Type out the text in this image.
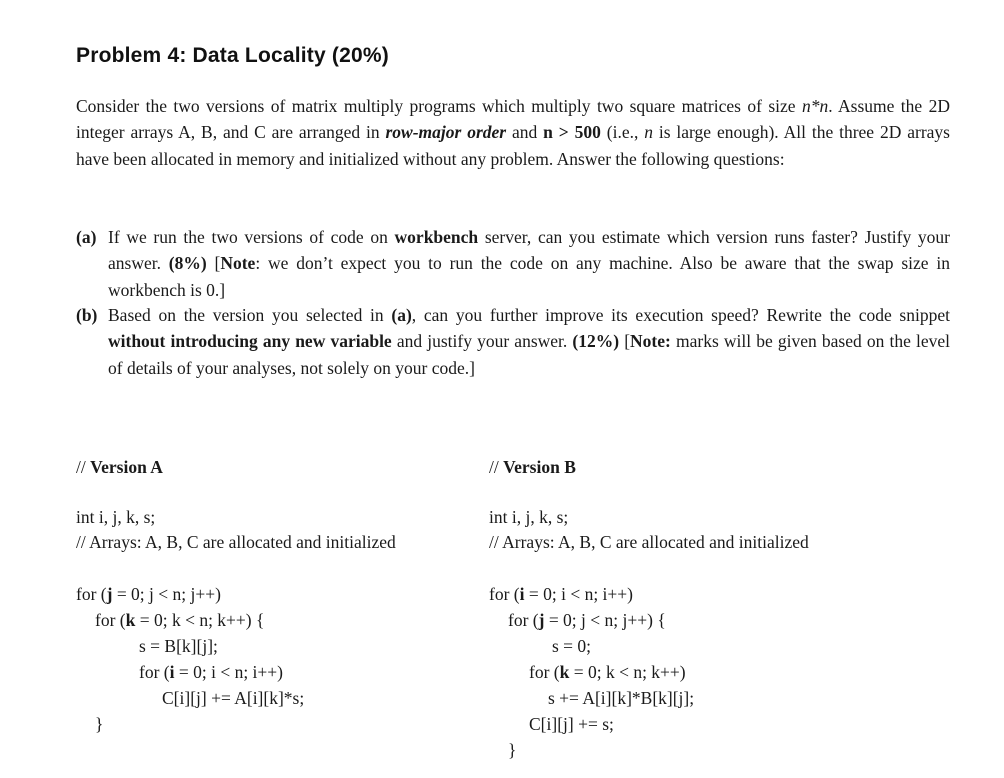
Problem 4: Data Locality (20%)

Consider the two versions of matrix multiply programs which multiply two square matrices of size n*n. Assume the 2D integer arrays A, B, and C are arranged in row-major order and n > 500 (i.e., n is large enough). All the three 2D arrays have been allocated in memory and initialized without any problem. Answer the following questions:

(a) If we run the two versions of code on workbench server, can you estimate which version runs faster? Justify your answer. (8%) [Note: we don’t expect you to run the code on any machine. Also be aware that the swap size in workbench is 0.]

(b) Based on the version you selected in (a), can you further improve its execution speed? Rewrite the code snippet without introducing any new variable and justify your answer. (12%) [Note: marks will be given based on the level of details of your analyses, not solely on your code.]

// Version A
int i, j, k, s;
// Arrays: A, B, C are allocated and initialized
for (j = 0; j < n; j++)
for (k = 0; k < n; k++) {
s = B[k][j];
for (i = 0; i < n; i++)
C[i][j] += A[i][k]*s;
}
// Version B
int i, j, k, s;
// Arrays: A, B, C are allocated and initialized
for (i = 0; i < n; i++)
for (j = 0; j < n; j++) {
s = 0;
for (k = 0; k < n; k++)
s += A[i][k]*B[k][j];
C[i][j] += s;
}
